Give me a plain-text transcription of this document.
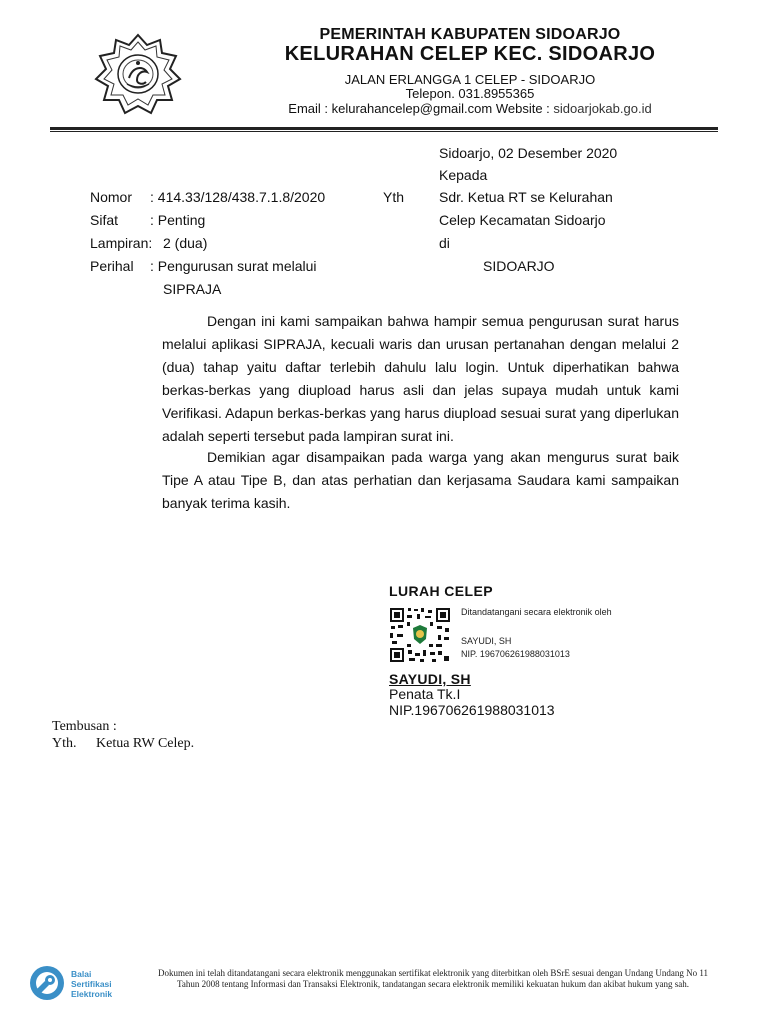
PEMERINTAH KABUPATEN SIDOARJO
KELURAHAN CELEP KEC. SIDOARJO
JALAN ERLANGGA 1 CELEP - SIDOARJO
Telepon. 031.8955365
Email : kelurahancelep@gmail.com Website : sidoarjokab.go.id
Sidoarjo, 02 Desember 2020
Kepada
Yth Sdr. Ketua RT se Kelurahan
Celep Kecamatan Sidoarjo
di
SIDOARJO
Nomor : 414.33/128/438.7.1.8/2020
Sifat : Penting
Lampiran: 2 (dua)
Perihal : Pengurusan surat melalui
SIPRAJA
Dengan ini kami sampaikan bahwa hampir semua pengurusan surat harus melalui aplikasi SIPRAJA, kecuali waris dan urusan pertanahan dengan melalui 2 (dua) tahap yaitu daftar terlebih dahulu lalu login. Untuk diperhatikan bahwa berkas-berkas yang diupload harus asli dan jelas supaya mudah untuk kami Verifikasi. Adapun berkas-berkas yang harus diupload sesuai surat yang diperlukan adalah seperti tersebut pada lampiran surat ini.
Demikian agar disampaikan pada warga yang akan mengurus surat baik Tipe A atau Tipe B, dan atas perhatian dan kerjasama Saudara kami sampaikan banyak terima kasih.
LURAH CELEP
Ditandatangani secara elektronik oleh
SAYUDI, SH
NIP. 196706261988031013
SAYUDI, SH
Penata Tk.I
NIP.196706261988031013
Tembusan :
Yth. Ketua RW Celep.
Balai
Sertifikasi
Elektronik
Dokumen ini telah ditandatangani secara elektronik menggunakan sertifikat elektronik yang diterbitkan oleh BSrE sesuai dengan Undang Undang No 11 Tahun 2008 tentang Informasi dan Transaksi Elektronik, tandatangan secara elektronik memiliki kekuatan hukum dan akibat hukum yang sah.
